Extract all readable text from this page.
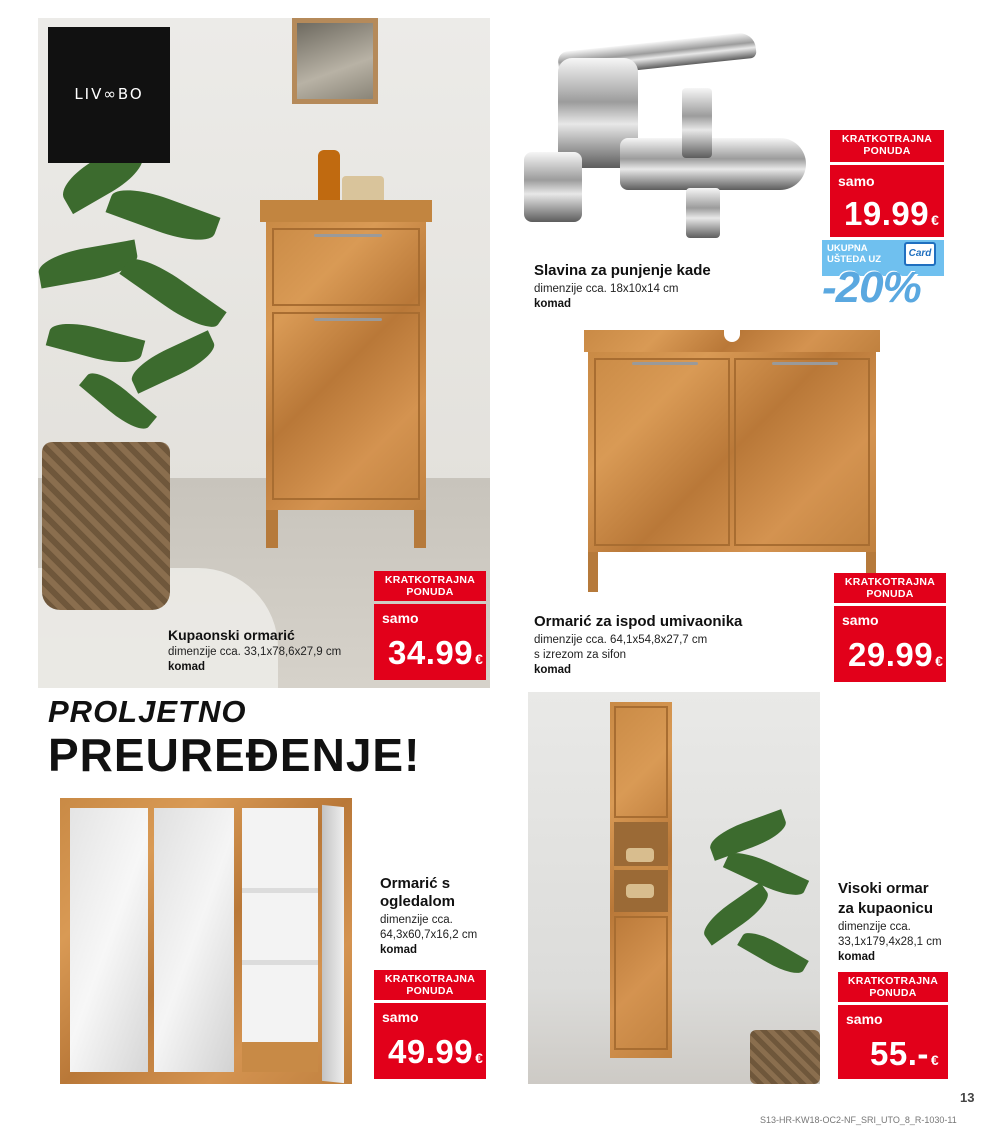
LIV∞BO
Kupaonski ormarić
dimenzije cca. 33,1x78,6x27,9 cm
komad
KRATKOTRAJNA
PONUDA
samo
34.99 €
Slavina za punjenje kade
dimenzije cca. 18x10x14 cm
komad
KRATKOTRAJNA
PONUDA
samo
19.99 €
UKUPNA
UŠTEDA UZ
Card
-20%
Ormarić za ispod umivaonika
dimenzije cca. 64,1x54,8x27,7 cm
s izrezom za sifon
komad
KRATKOTRAJNA
PONUDA
samo
29.99 €
PROLJETNO
PREUREĐENJE!
Ormarić s
ogledalom
dimenzije cca.
64,3x60,7x16,2 cm
komad
KRATKOTRAJNA
PONUDA
samo
49.99 €
Visoki ormar
za kupaonicu
dimenzije cca.
33,1x179,4x28,1 cm
komad
KRATKOTRAJNA
PONUDA
samo
55.- €
13
S13-HR-KW18-OC2-NF_SRI_UTO_8_R-1030-11
